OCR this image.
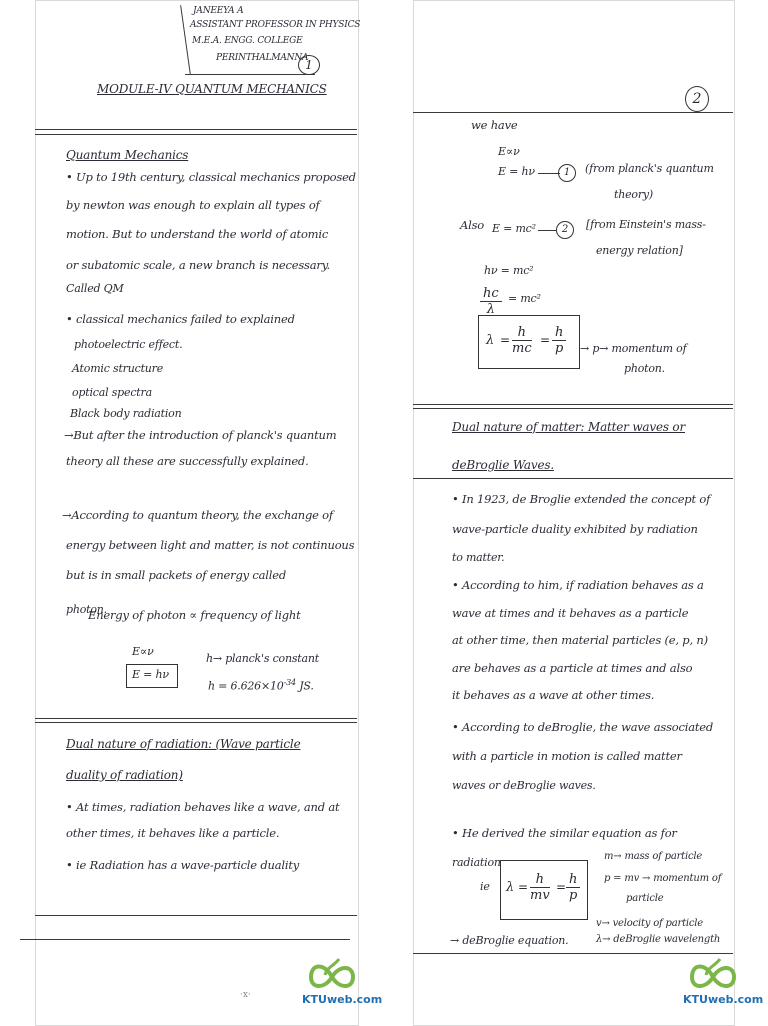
JANEEYA A
ASSISTANT PROFESSOR IN PHYSICS
M.E.A. ENGG. COLLEGE
PERINTHALMANNA
1
MODULE-IV QUANTUM MECHANICS
Quantum Mechanics
• Up to 19th century, classical mechanics proposed
by newton was enough to explain all types of
motion. But to understand the world of atomic
or subatomic scale, a new branch is necessary.
Called QM
• classical mechanics failed to explained
photoelectric effect.
Atomic structure
optical spectra
Black body radiation
→But after the introduction of planck's quantum
theory all these are successfully explained.
→According to quantum theory, the exchange of
energy between light and matter, is not continuous
but is in small packets of energy called
photon.
Energy of photon ∝ frequency of light
E∝ν
E = hν
h→ planck's constant
$h = 6.626\times 10^{-34}$ JS.
Dual nature of radiation: (Wave particle
duality of radiation)
• At times, radiation behaves like a wave, and at
other times, it behaves like a particle.
• ie Radiation has a wave-particle duality
·x·
2
we have
E∝ν
E = hν	1	(from planck's quantum
theory)
Also E = mc²	2	[from Einstein's mass-
energy relation]
hν = mc²
$\frac{hc}{\lambda} = mc^2$
$\lambda = \frac{h}{mc} = \frac{h}{p} \to p\to$ momentum of
photon.
Dual nature of matter: Matter waves or
deBroglie Waves.
• In 1923, de Broglie extended the concept of
wave-particle duality exhibited by radiation
to matter.
• According to him, if radiation behaves as a
wave at times and it behaves as a particle
at other time, then material particles (e, p, n)
are behaves as a particle at times and also
it behaves as a wave at other times.
• According to deBroglie, the wave associated
with a particle in motion is called matter
waves or deBroglie waves.
• He derived the similar equation as for
radiation
ie $\lambda = \frac{h}{mv} = \frac{h}{p}$
m→ mass of particle
p = mv → momentum of
particle
v→ velocity of particle
λ→ deBroglie wavelength
→ deBroglie equation.
KTUweb.com	KTUweb.com
